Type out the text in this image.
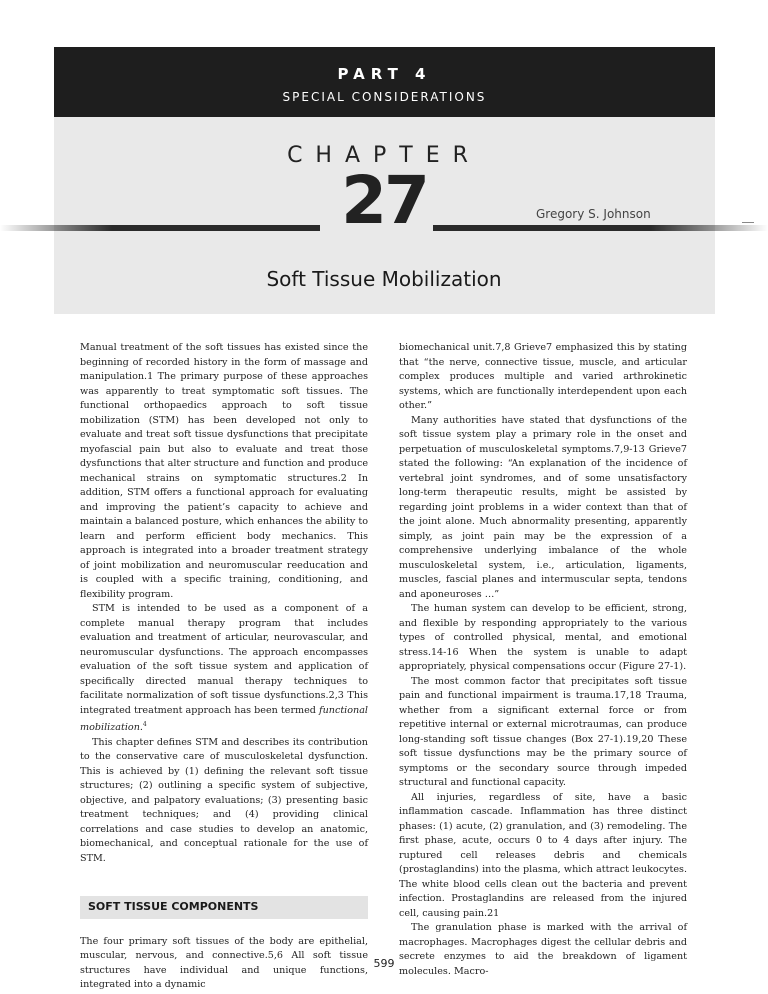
PART 4
SPECIAL CONSIDERATIONS
CHAPTER
27	Gregory S. Johnson
Soft Tissue Mobilization

Manual treatment of the soft tissues has existed since the beginning of recorded history in the form of massage and manipulation.1 The primary purpose of these approaches was apparently to treat symptomatic soft tissues. The functional orthopaedics approach to soft tissue mobilization (STM) has been developed not only to evaluate and treat soft tissue dysfunctions that precipitate myofascial pain but also to evaluate and treat those dysfunctions that alter structure and function and produce mechanical strains on symptomatic structures.2 In addition, STM offers a functional approach for evaluating and improving the patient’s capacity to achieve and maintain a balanced posture, which enhances the ability to learn and perform efficient body mechanics. This approach is integrated into a broader treatment strategy of joint mobilization and neuromuscular reeducation and is coupled with a specific training, conditioning, and flexibility program.

STM is intended to be used as a component of a complete manual therapy program that includes evaluation and treatment of articular, neurovascular, and neuromuscular dysfunctions. The approach encompasses evaluation of the soft tissue system and application of specifically directed manual therapy techniques to facilitate normalization of soft tissue dysfunctions.2,3 This integrated treatment approach has been termed functional mobilization.$^4$

This chapter defines STM and describes its contribution to the conservative care of musculoskeletal dysfunction. This is achieved by (1) defining the relevant soft tissue structures; (2) outlining a specific system of subjective, objective, and palpatory evaluations; (3) presenting basic treatment techniques; and (4) providing clinical correlations and case studies to develop an anatomic, biomechanical, and conceptual rationale for the use of STM.

SOFT TISSUE COMPONENTS

The four primary soft tissues of the body are epithelial, muscular, nervous, and connective.5,6 All soft tissue structures have individual and unique functions, integrated into a dynamic

biomechanical unit.7,8 Grieve7 emphasized this by stating that “the nerve, connective tissue, muscle, and articular complex produces multiple and varied arthrokinetic systems, which are functionally interdependent upon each other.”

Many authorities have stated that dysfunctions of the soft tissue system play a primary role in the onset and perpetuation of musculoskeletal symptoms.7,9-13 Grieve7 stated the following: “An explanation of the incidence of vertebral joint syndromes, and of some unsatisfactory long-term therapeutic results, might be assisted by regarding joint problems in a wider context than that of the joint alone. Much abnormality presenting, apparently simply, as joint pain may be the expression of a comprehensive underlying imbalance of the whole musculoskeletal system, i.e., articulation, ligaments, muscles, fascial planes and intermuscular septa, tendons and aponeuroses …”

The human system can develop to be efficient, strong, and flexible by responding appropriately to the various types of controlled physical, mental, and emotional stress.14-16 When the system is unable to adapt appropriately, physical compensations occur (Figure 27-1).

The most common factor that precipitates soft tissue pain and functional impairment is trauma.17,18 Trauma, whether from a significant external force or from repetitive internal or external microtraumas, can produce long-standing soft tissue changes (Box 27-1).19,20 These soft tissue dysfunctions may be the primary source of symptoms or the secondary source through impeded structural and functional capacity.

All injuries, regardless of site, have a basic inflammation cascade. Inflammation has three distinct phases: (1) acute, (2) granulation, and (3) remodeling. The first phase, acute, occurs 0 to 4 days after injury. The ruptured cell releases debris and chemicals (prostaglandins) into the plasma, which attract leukocytes. The white blood cells clean out the bacteria and prevent infection. Prostaglandins are released from the injured cell, causing pain.21

The granulation phase is marked with the arrival of macrophages. Macrophages digest the cellular debris and secrete enzymes to aid the breakdown of ligament molecules. Macro-

599
